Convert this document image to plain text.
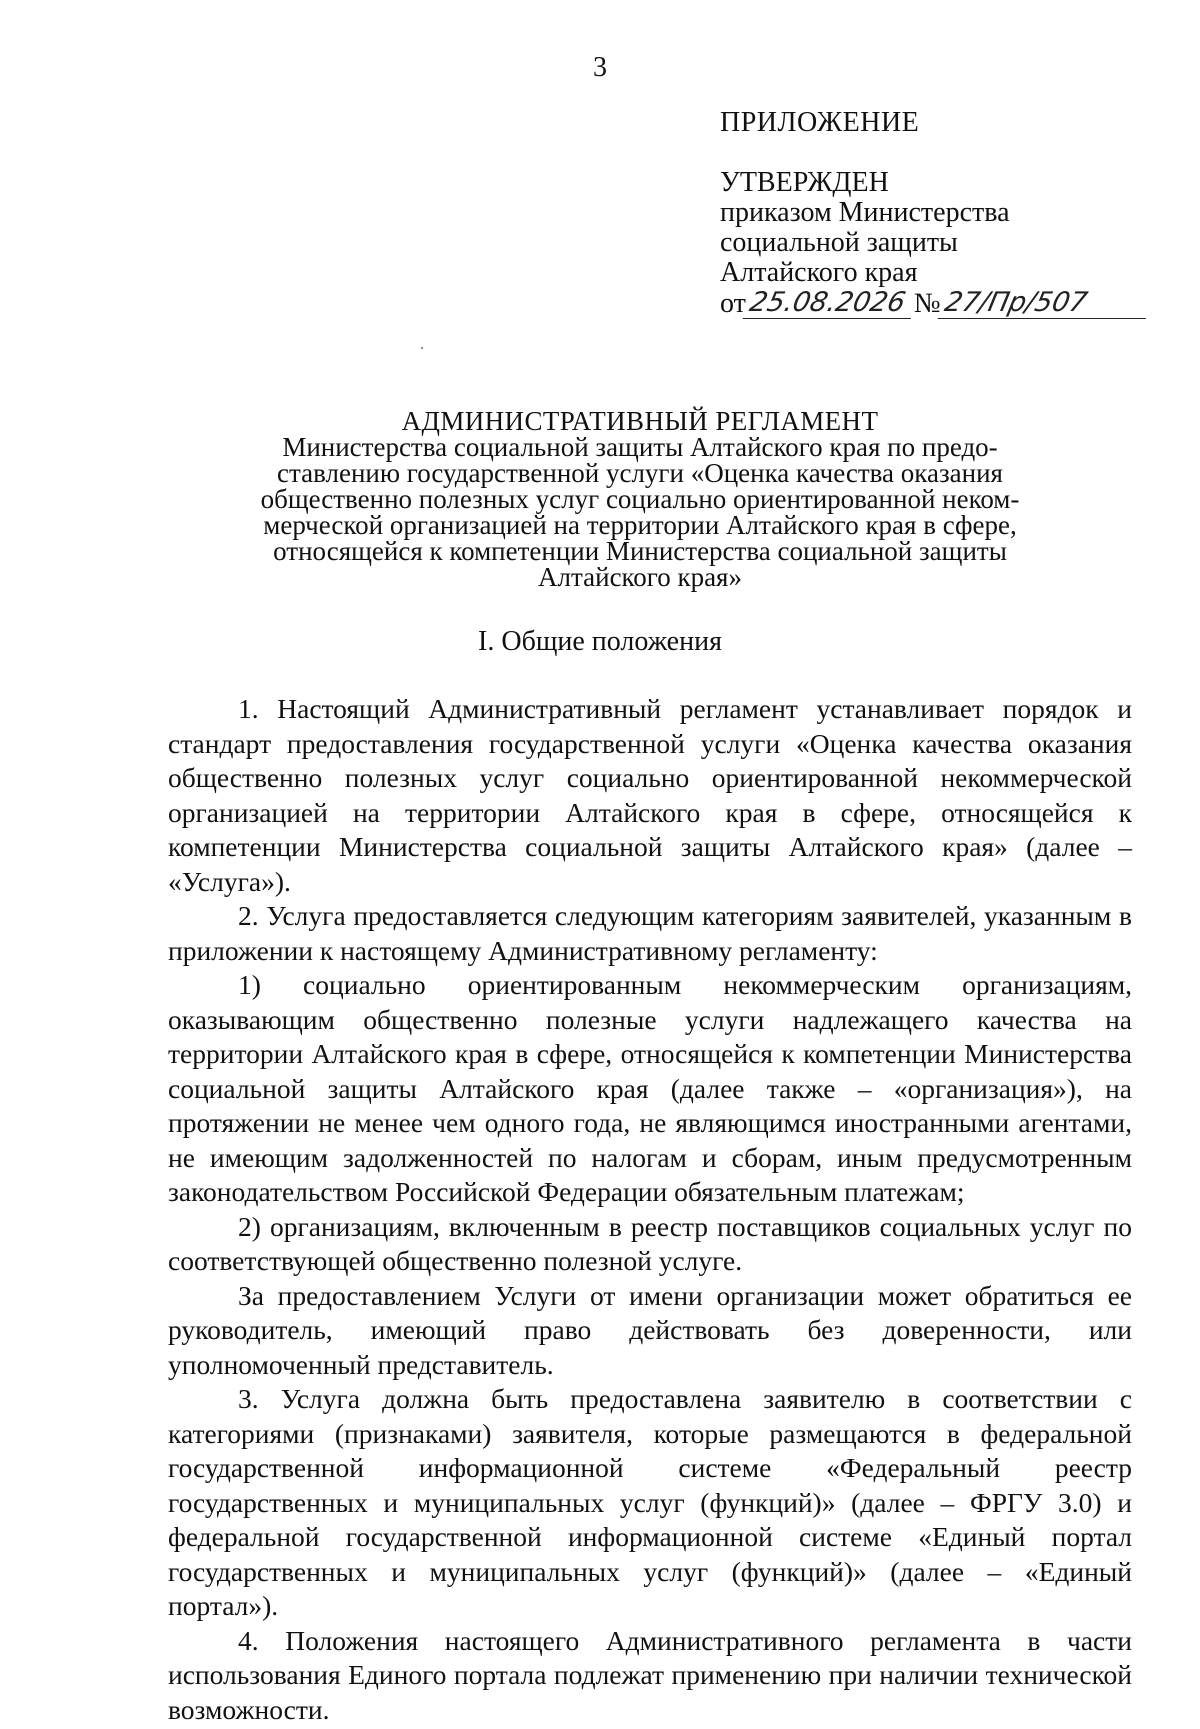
3
ПРИЛОЖЕНИЕ
УТВЕРЖДЕН
приказом Министерства
социальной защиты
Алтайского края
от 25.08.2026 № 27/Пр/507
АДМИНИСТРАТИВНЫЙ РЕГЛАМЕНТ
Министерства социальной защиты Алтайского края по предо-
ставлению государственной услуги «Оценка качества оказания
общественно полезных услуг социально ориентированной неком-
мерческой организацией на территории Алтайского края в сфере,
относящейся к компетенции Министерства социальной защиты
Алтайского края»
I. Общие положения

1. Настоящий Административный регламент устанавливает порядок и стандарт предоставления государственной услуги «Оценка качества оказания общественно полезных услуг социально ориентированной некоммерческой организацией на территории Алтайского края в сфере, относящейся к компетенции Министерства социальной защиты Алтайского края» (далее – «Услуга»).

2. Услуга предоставляется следующим категориям заявителей, указанным в приложении к настоящему Административному регламенту:

1) социально ориентированным некоммерческим организациям, оказывающим общественно полезные услуги надлежащего качества на территории Алтайского края в сфере, относящейся к компетенции Министерства социальной защиты Алтайского края (далее также – «организация»), на протяжении не менее чем одного года, не являющимся иностранными агентами, не имеющим задолженностей по налогам и сборам, иным предусмотренным законодательством Российской Федерации обязательным платежам;

2) организациям, включенным в реестр поставщиков социальных услуг по соответствующей общественно полезной услуге.

За предоставлением Услуги от имени организации может обратиться ее руководитель, имеющий право действовать без доверенности, или уполномоченный представитель.

3. Услуга должна быть предоставлена заявителю в соответствии с категориями (признаками) заявителя, которые размещаются в федеральной государственной информационной системе «Федеральный реестр государственных и муниципальных услуг (функций)» (далее – ФРГУ 3.0) и федеральной государственной информационной системе «Единый портал государственных и муниципальных услуг (функций)» (далее – «Единый портал»).

4. Положения настоящего Административного регламента в части использования Единого портала подлежат применению при наличии технической возможности.
